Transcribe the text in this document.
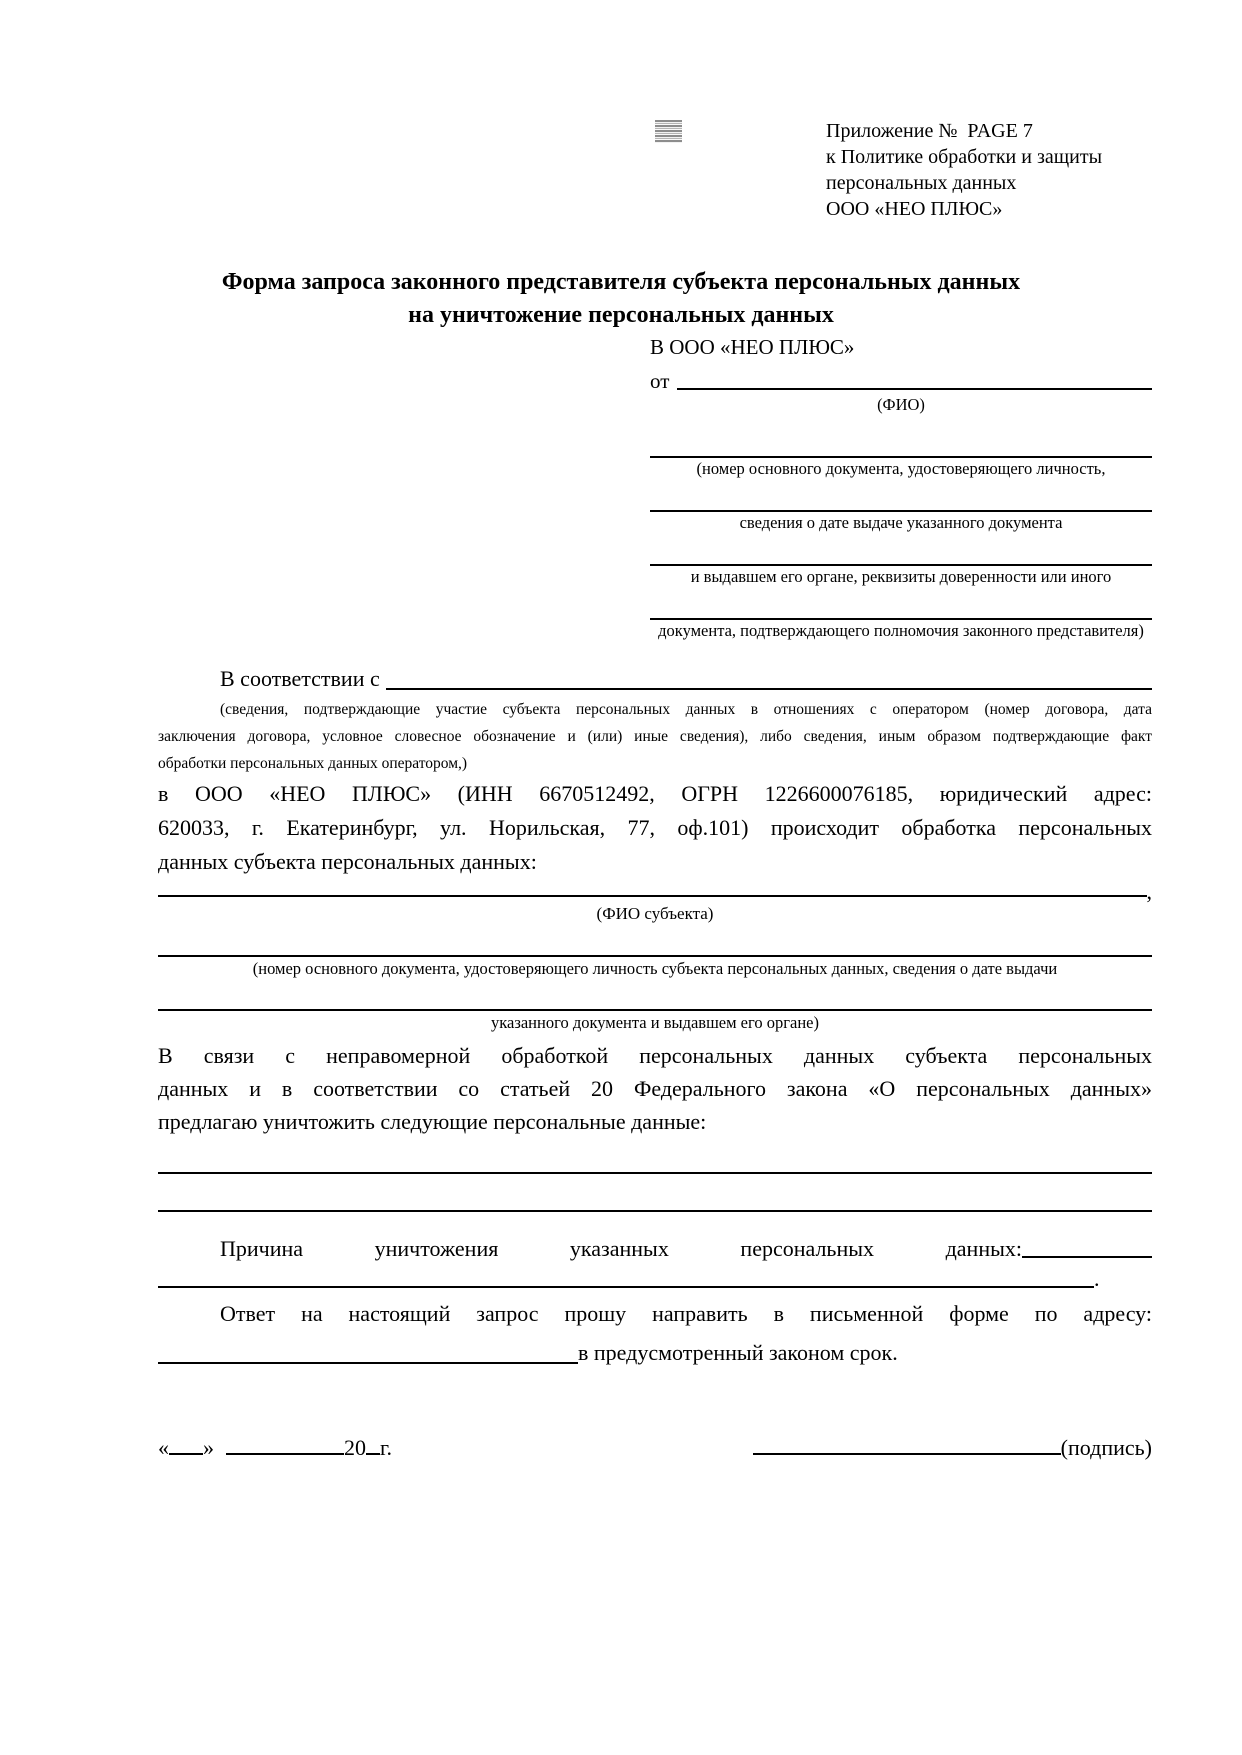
Приложение №  PAGE 7
к Политике обработки и защиты
персональных данных
ООО «НЕО ПЛЮС»
Форма запроса законного представителя субъекта персональных данных
на уничтожение персональных данных
В ООО «НЕО ПЛЮС»
от
(ФИО)
(номер основного документа, удостоверяющего личность,
сведения о дате выдаче указанного документа
и выдавшем его органе, реквизиты доверенности или иного
документа, подтверждающего полномочия законного представителя)
В соответствии с
(сведения, подтверждающие участие субъекта персональных данных в отношениях с оператором (номер договора, дата
заключения договора, условное словесное обозначение и (или) иные сведения), либо сведения, иным образом подтверждающие факт
обработки персональных данных оператором,)
в ООО «НЕО ПЛЮС» (ИНН 6670512492, ОГРН 1226600076185, юридический адрес:
620033, г. Екатеринбург, ул. Норильская, 77, оф.101) происходит обработка персональных
данных субъекта персональных данных:
,
(ФИО субъекта)
(номер основного документа, удостоверяющего личность субъекта персональных данных, сведения о дате выдачи
указанного документа и выдавшем его органе)
В связи с неправомерной обработкой персональных данных субъекта персональных
данных и в соответствии со статьей 20 Федерального закона «О персональных данных»
предлагаю уничтожить следующие персональные данные:
Причина уничтожения указанных персональных данных:
.
Ответ на настоящий запрос прошу направить в письменной форме по адресу:
в предусмотренный законом срок.
« »	20 г.	(подпись)
